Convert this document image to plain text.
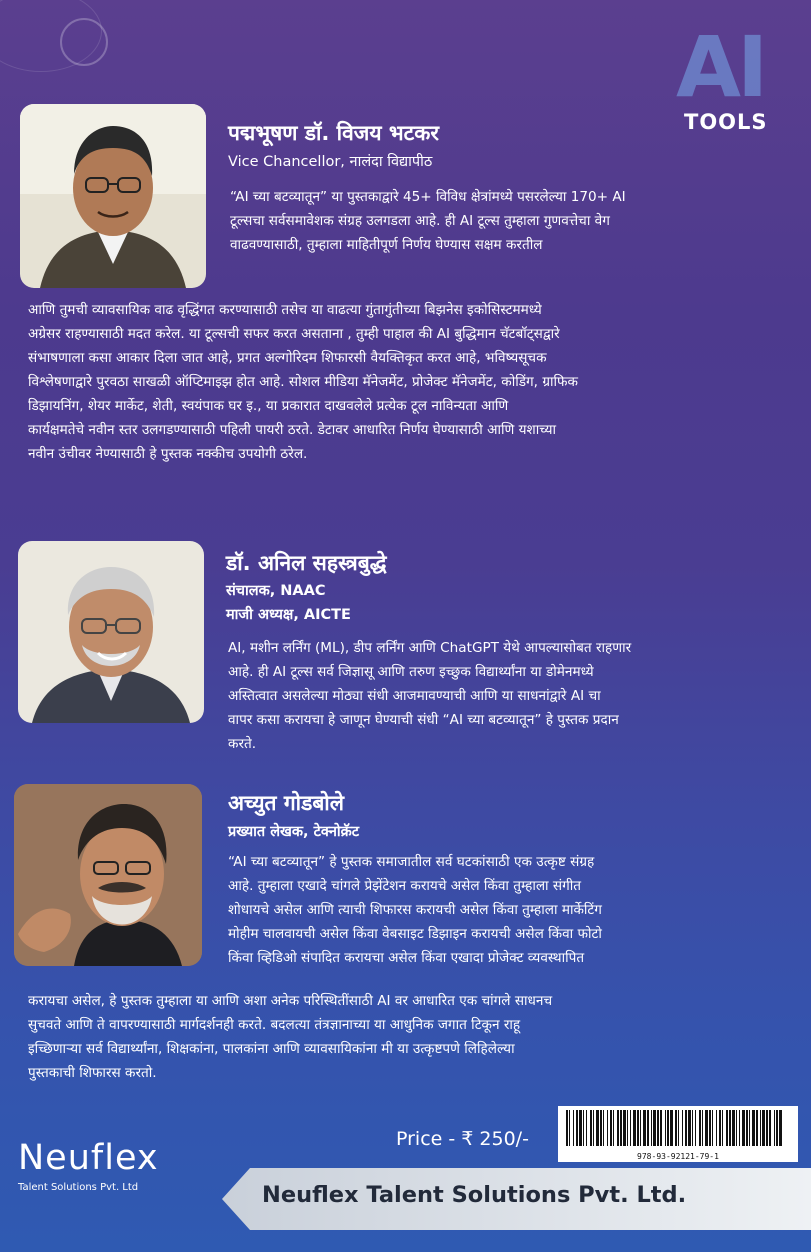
AI
TOOLS
पद्मभूषण डॉ. विजय भटकर
Vice Chancellor, नालंदा विद्यापीठ
“AI च्या बटव्यातून” या पुस्तकाद्वारे 45+ विविध क्षेत्रांमध्ये पसरलेल्या 170+ AI
टूल्सचा सर्वसमावेशक संग्रह उलगडला आहे. ही AI टूल्स तुम्हाला गुणवत्तेचा वेग
वाढवण्यासाठी, तुम्हाला माहितीपूर्ण निर्णय घेण्यास सक्षम करतील
आणि तुमची व्यावसायिक वाढ वृद्धिंगत करण्यासाठी तसेच या वाढत्या गुंतागुंतीच्या बिझनेस इकोसिस्टममध्ये
अग्रेसर राहण्यासाठी मदत करेल. या टूल्सची सफर करत असताना , तुम्ही पाहाल की AI बुद्धिमान चॅटबॉट्सद्वारे
संभाषणाला कसा आकार दिला जात आहे, प्रगत अल्गोरिदम शिफारसी वैयक्तिकृत करत आहे, भविष्यसूचक
विश्लेषणाद्वारे पुरवठा साखळी ऑप्टिमाइझ होत आहे. सोशल मीडिया मॅनेजमेंट, प्रोजेक्ट मॅनेजमेंट, कोडिंग, ग्राफिक
डिझायनिंग, शेयर मार्केट, शेती, स्वयंपाक घर इ., या प्रकारात दाखवलेले प्रत्येक टूल नाविन्यता आणि
कार्यक्षमतेचे नवीन स्तर उलगडण्यासाठी पहिली पायरी ठरते. डेटावर आधारित निर्णय घेण्यासाठी आणि यशाच्या
नवीन उंचीवर नेण्यासाठी हे पुस्तक नक्कीच उपयोगी ठरेल.
डॉ. अनिल सहस्त्रबुद्धे
संचालक, NAAC
माजी अध्यक्ष, AICTE
AI, मशीन लर्निंग (ML), डीप लर्निंग आणि ChatGPT येथे आपल्यासोबत राहणार
आहे. ही AI टूल्स सर्व जिज्ञासू आणि तरुण इच्छुक विद्यार्थ्यांना या डोमेनमध्ये
अस्तित्वात असलेल्या मोठ्या संधी आजमावण्याची आणि या साधनांद्वारे AI चा
वापर कसा करायचा हे जाणून घेण्याची संधी “AI च्या बटव्यातून” हे पुस्तक प्रदान
करते.
अच्युत गोडबोले
प्रख्यात लेखक, टेक्नोक्रॅट
“AI च्या बटव्यातून” हे पुस्तक समाजातील सर्व घटकांसाठी एक उत्कृष्ट संग्रह
आहे. तुम्हाला एखादे चांगले प्रेझेंटेशन करायचे असेल किंवा तुम्हाला संगीत
शोधायचे असेल आणि त्याची शिफारस करायची असेल किंवा तुम्हाला मार्केटिंग
मोहीम चालवायची असेल किंवा वेबसाइट डिझाइन करायची असेल किंवा फोटो
किंवा व्हिडिओ संपादित करायचा असेल किंवा एखादा प्रोजेक्ट व्यवस्थापित
करायचा असेल, हे पुस्तक तुम्हाला या आणि अशा अनेक परिस्थितींसाठी AI वर आधारित एक चांगले साधनच
सुचवते आणि ते वापरण्यासाठी मार्गदर्शनही करते. बदलत्या तंत्रज्ञानाच्या या आधुनिक जगात टिकून राहू
इच्छिणाऱ्या सर्व विद्यार्थ्यांना, शिक्षकांना, पालकांना आणि व्यावसायिकांना मी या उत्कृष्टपणे लिहिलेल्या
पुस्तकाची शिफारस करतो.
Price - ₹ 250/-
978-93-92121-79-1
Neuflex
Talent Solutions Pvt. Ltd	Neuflex Talent Solutions Pvt. Ltd.
